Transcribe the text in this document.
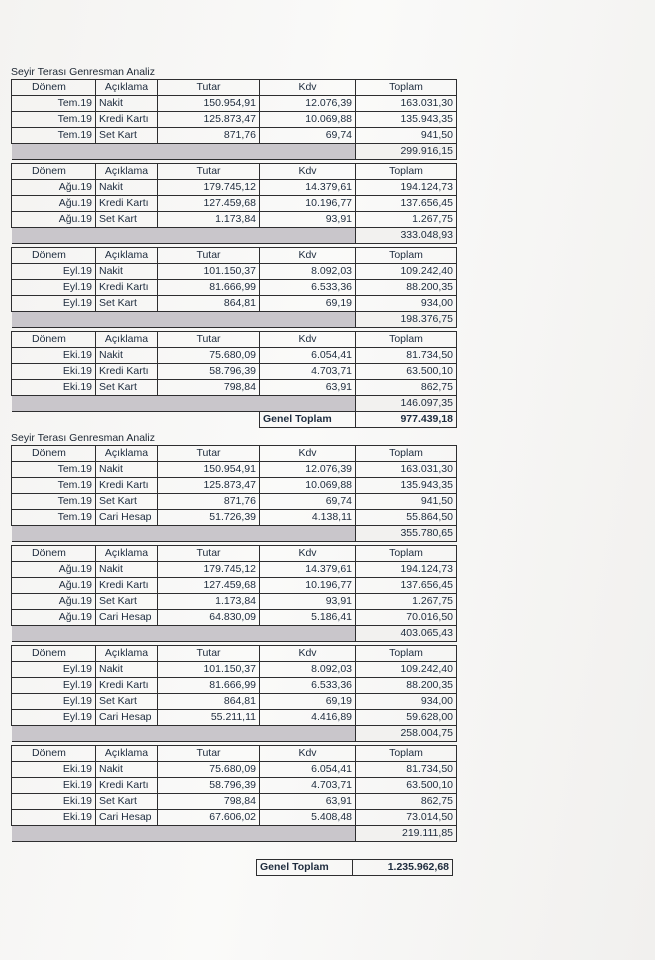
Seyir Terası Genresman Analiz
Dönem	Açıklama	Tutar	Kdv	Toplam
Tem.19	Nakit	150.954,91	12.076,39	163.031,30
Tem.19	Kredi Kartı	125.873,47	10.069,88	135.943,35
Tem.19	Set Kart	871,76	69,74	941,50
				299.916,15

Dönem	Açıklama	Tutar	Kdv	Toplam
Ağu.19	Nakit	179.745,12	14.379,61	194.124,73
Ağu.19	Kredi Kartı	127.459,68	10.196,77	137.656,45
Ağu.19	Set Kart	1.173,84	93,91	1.267,75
				333.048,93

Dönem	Açıklama	Tutar	Kdv	Toplam
Eyl.19	Nakit	101.150,37	8.092,03	109.242,40
Eyl.19	Kredi Kartı	81.666,99	6.533,36	88.200,35
Eyl.19	Set Kart	864,81	69,19	934,00
				198.376,75

Dönem	Açıklama	Tutar	Kdv	Toplam
Eki.19	Nakit	75.680,09	6.054,41	81.734,50
Eki.19	Kredi Kartı	58.796,39	4.703,71	63.500,10
Eki.19	Set Kart	798,84	63,91	862,75
				146.097,35
			Genel Toplam	977.439,18
Seyir Terası Genresman Analiz
Dönem	Açıklama	Tutar	Kdv	Toplam
Tem.19	Nakit	150.954,91	12.076,39	163.031,30
Tem.19	Kredi Kartı	125.873,47	10.069,88	135.943,35
Tem.19	Set Kart	871,76	69,74	941,50
Tem.19	Cari Hesap	51.726,39	4.138,11	55.864,50
				355.780,65

Dönem	Açıklama	Tutar	Kdv	Toplam
Ağu.19	Nakit	179.745,12	14.379,61	194.124,73
Ağu.19	Kredi Kartı	127.459,68	10.196,77	137.656,45
Ağu.19	Set Kart	1.173,84	93,91	1.267,75
Ağu.19	Cari Hesap	64.830,09	5.186,41	70.016,50
				403.065,43

Dönem	Açıklama	Tutar	Kdv	Toplam
Eyl.19	Nakit	101.150,37	8.092,03	109.242,40
Eyl.19	Kredi Kartı	81.666,99	6.533,36	88.200,35
Eyl.19	Set Kart	864,81	69,19	934,00
Eyl.19	Cari Hesap	55.211,11	4.416,89	59.628,00
				258.004,75

Dönem	Açıklama	Tutar	Kdv	Toplam
Eki.19	Nakit	75.680,09	6.054,41	81.734,50
Eki.19	Kredi Kartı	58.796,39	4.703,71	63.500,10
Eki.19	Set Kart	798,84	63,91	862,75
Eki.19	Cari Hesap	67.606,02	5.408,48	73.014,50
				219.111,85
Genel Toplam	1.235.962,68
